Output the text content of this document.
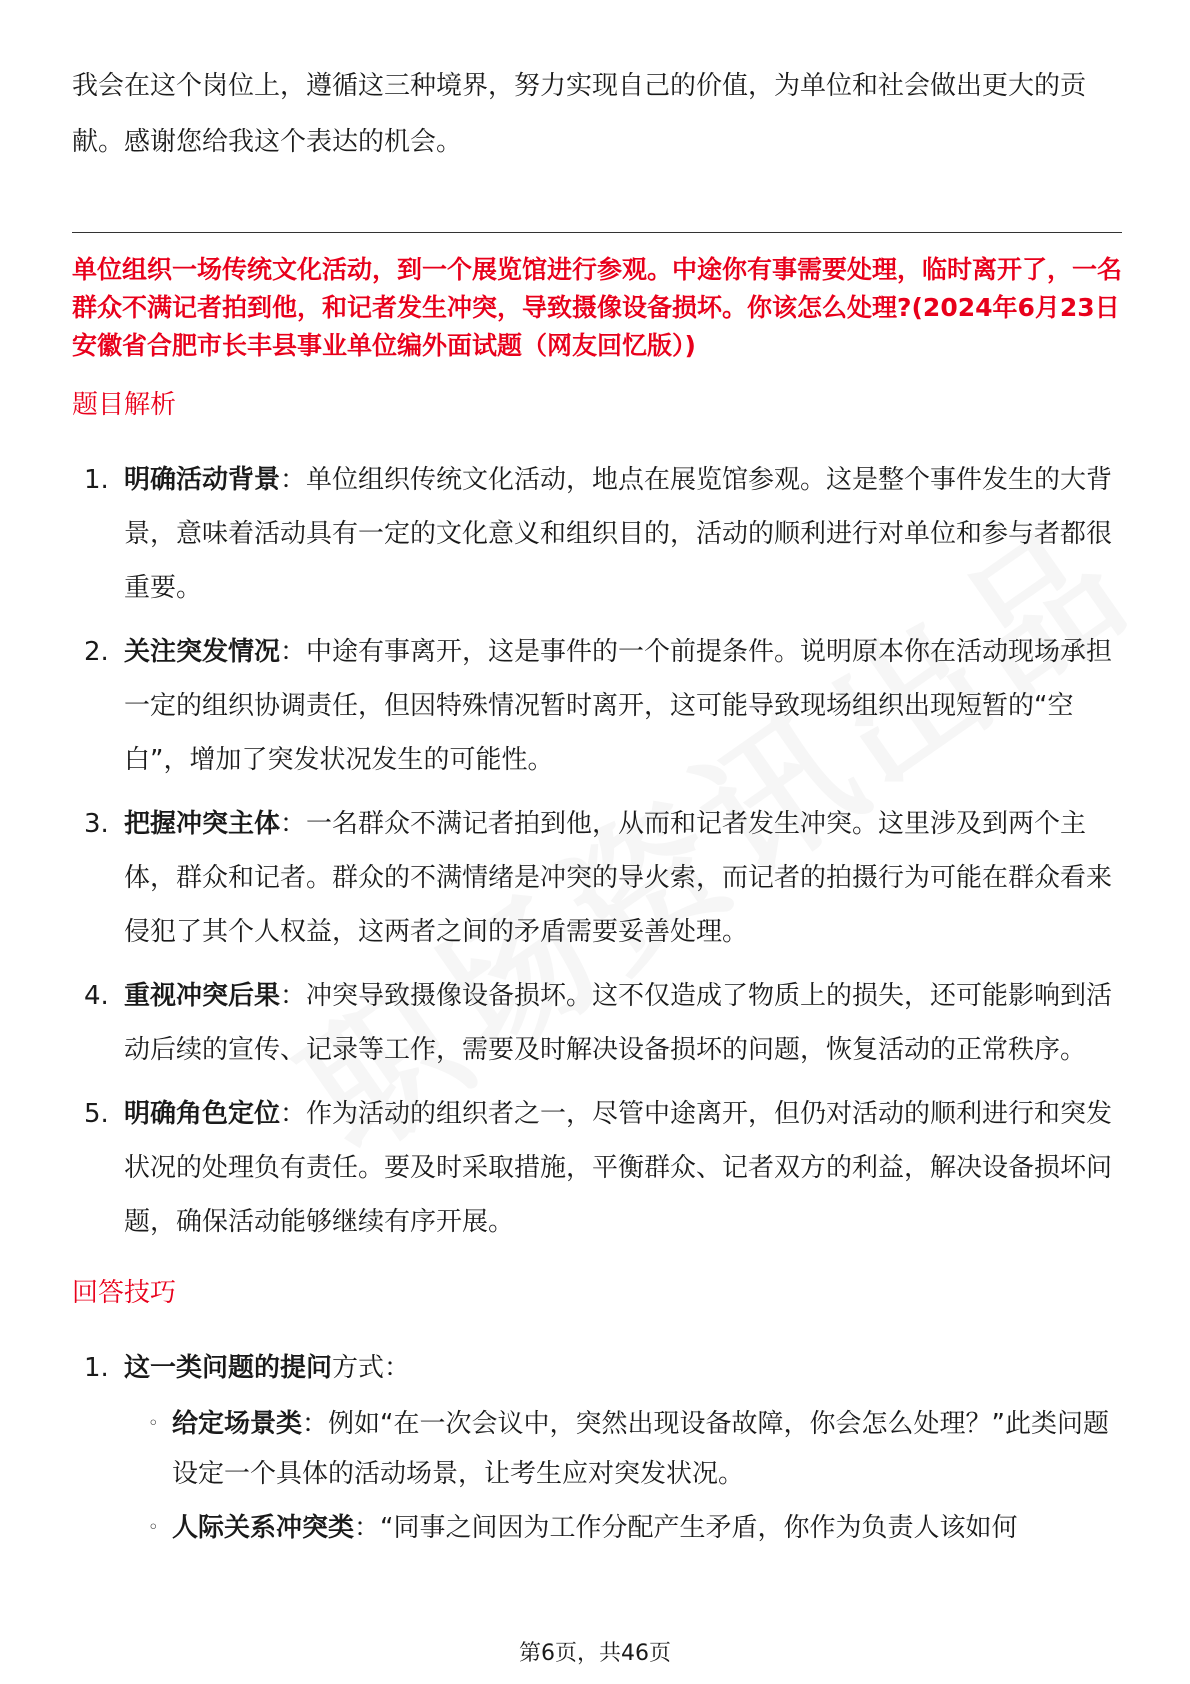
我会在这个岗位上，遵循这三种境界，努力实现自己的价值，为单位和社会做出更大的贡献。感谢您给我这个表达的机会。

单位组织一场传统文化活动，到一个展览馆进行参观。中途你有事需要处理，临时离开了，一名群众不满记者拍到他，和记者发生冲突，导致摄像设备损坏。你该怎么处理?(2024年6月23日安徽省合肥市长丰县事业单位编外面试题（网友回忆版）)

题目解析
1. 明确活动背景：单位组织传统文化活动，地点在展览馆参观。这是整个事件发生的大背景，意味着活动具有一定的文化意义和组织目的，活动的顺利进行对单位和参与者都很重要。
2. 关注突发情况：中途有事离开，这是事件的一个前提条件。说明原本你在活动现场承担一定的组织协调责任，但因特殊情况暂时离开，这可能导致现场组织出现短暂的“空白”，增加了突发状况发生的可能性。
3. 把握冲突主体：一名群众不满记者拍到他，从而和记者发生冲突。这里涉及到两个主体，群众和记者。群众的不满情绪是冲突的导火索，而记者的拍摄行为可能在群众看来侵犯了其个人权益，这两者之间的矛盾需要妥善处理。
4. 重视冲突后果：冲突导致摄像设备损坏。这不仅造成了物质上的损失，还可能影响到活动后续的宣传、记录等工作，需要及时解决设备损坏的问题，恢复活动的正常秩序。
5. 明确角色定位：作为活动的组织者之一，尽管中途离开，但仍对活动的顺利进行和突发状况的处理负有责任。要及时采取措施，平衡群众、记者双方的利益，解决设备损坏问题，确保活动能够继续有序开展。
回答技巧
1. 这一类问题的提问方式：
◦ 给定场景类：例如“在一次会议中，突然出现设备故障，你会怎么处理？”此类问题设定一个具体的活动场景，让考生应对突发状况。
◦ 人际关系冲突类：“同事之间因为工作分配产生矛盾，你作为负责人该如何
第6页，共46页
